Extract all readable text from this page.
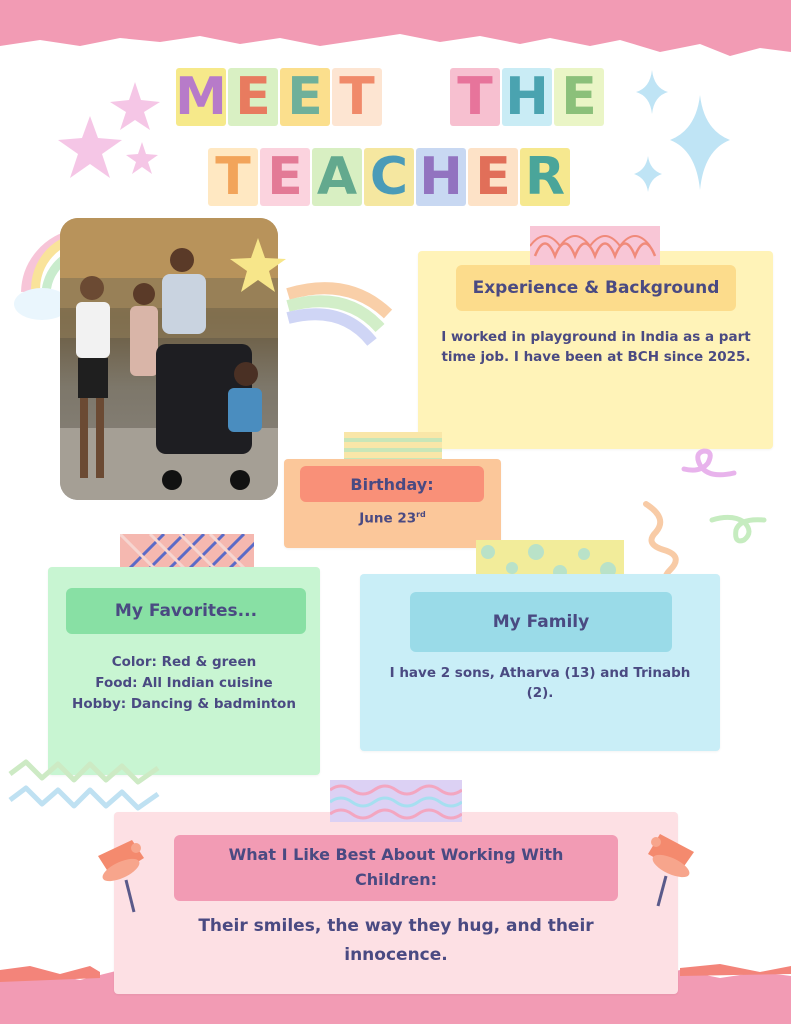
M E E T T H E
T E A C H E R
Experience & Background
I worked in playground in India as a part
time job. I have been at BCH since 2025.
Birthday:
June 23rd
My Favorites...
Color: Red & green
Food: All Indian cuisine
Hobby: Dancing & badminton
My Family
I have 2 sons, Atharva (13) and Trinabh
(2).
What I Like Best About Working With
Children:
Their smiles, the way they hug, and their
innocence.
